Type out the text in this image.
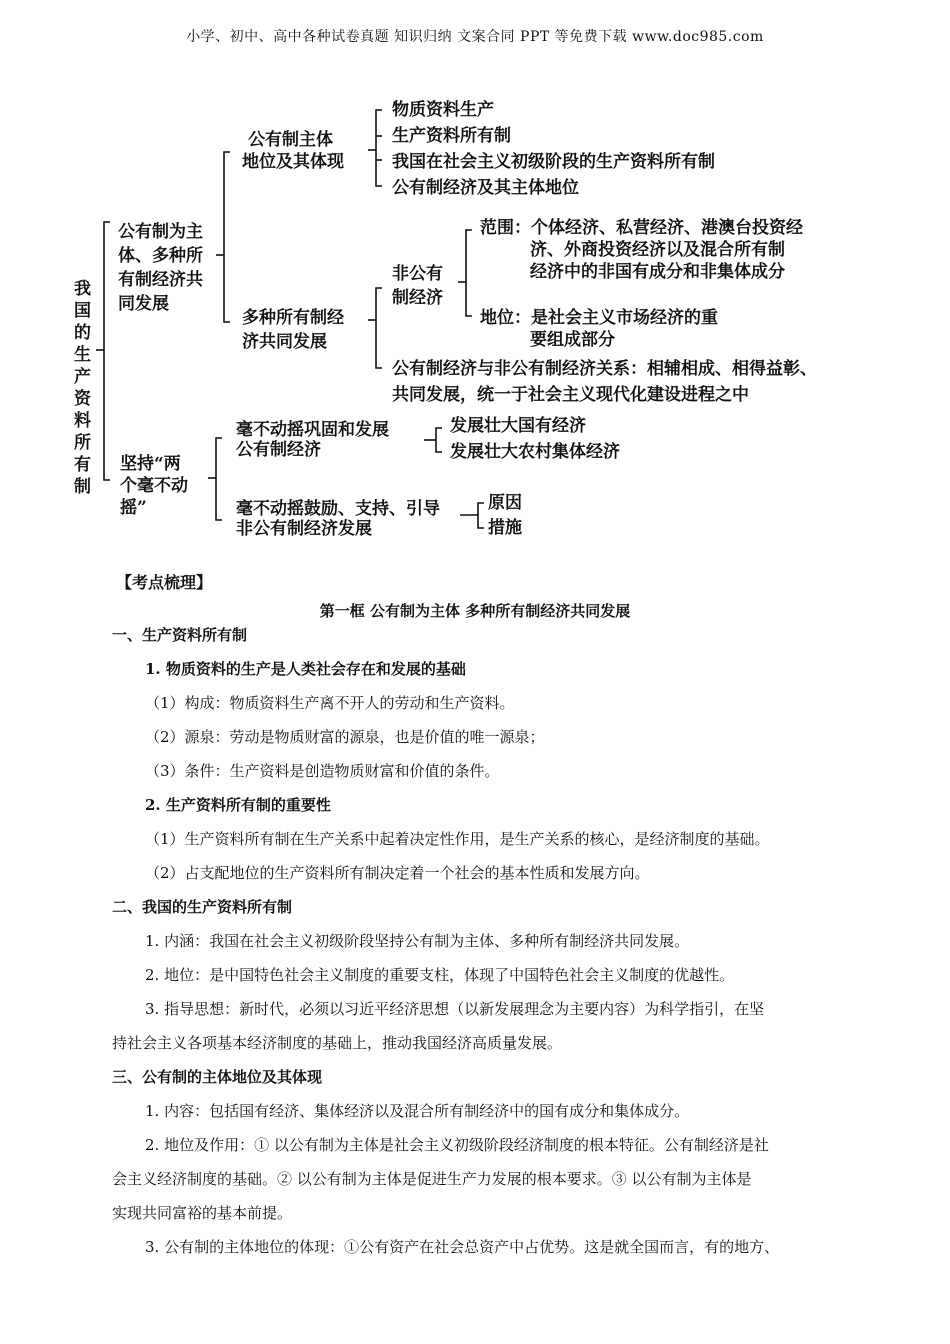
小学、初中、高中各种试卷真题 知识归纳 文案合同 PPT 等免费下载 www.doc985.com
我国的生产资料所有制
公有制为主
体、多种所
有制经济共
同发展
公有制主体
地位及其体现
物质资料生产
生产资料所有制
我国在社会主义初级阶段的生产资料所有制
公有制经济及其主体地位
多种所有制经
济共同发展
非公有
制经济
范围：个体经济、私营经济、港澳台投资经
济、外商投资经济以及混合所有制
经济中的非国有成分和非集体成分
地位：是社会主义市场经济的重
要组成部分
公有制经济与非公有制经济关系：相辅相成、相得益彰、
共同发展，统一于社会主义现代化建设进程之中
坚持“两
个毫不动
摇”
毫不动摇巩固和发展
公有制经济
发展壮大国有经济
发展壮大农村集体经济
毫不动摇鼓励、支持、引导
非公有制经济发展
原因
措施
【考点梳理】
第一框 公有制为主体 多种所有制经济共同发展
一、生产资料所有制
1. 物质资料的生产是人类社会存在和发展的基础
（1）构成：物质资料生产离不开人的劳动和生产资料。
（2）源泉：劳动是物质财富的源泉，也是价值的唯一源泉；
（3）条件：生产资料是创造物质财富和价值的条件。
2. 生产资料所有制的重要性
（1）生产资料所有制在生产关系中起着决定性作用，是生产关系的核心，是经济制度的基础。
（2）占支配地位的生产资料所有制决定着一个社会的基本性质和发展方向。
二、我国的生产资料所有制
1. 内涵：我国在社会主义初级阶段坚持公有制为主体、多种所有制经济共同发展。
2. 地位：是中国特色社会主义制度的重要支柱，体现了中国特色社会主义制度的优越性。
3. 指导思想：新时代，必须以习近平经济思想（以新发展理念为主要内容）为科学指引，在坚
持社会主义各项基本经济制度的基础上，推动我国经济高质量发展。
三、公有制的主体地位及其体现
1. 内容：包括国有经济、集体经济以及混合所有制经济中的国有成分和集体成分。
2. 地位及作用：① 以公有制为主体是社会主义初级阶段经济制度的根本特征。公有制经济是社
会主义经济制度的基础。② 以公有制为主体是促进生产力发展的根本要求。③ 以公有制为主体是
实现共同富裕的基本前提。
3. 公有制的主体地位的体现：①公有资产在社会总资产中占优势。这是就全国而言，有的地方、
